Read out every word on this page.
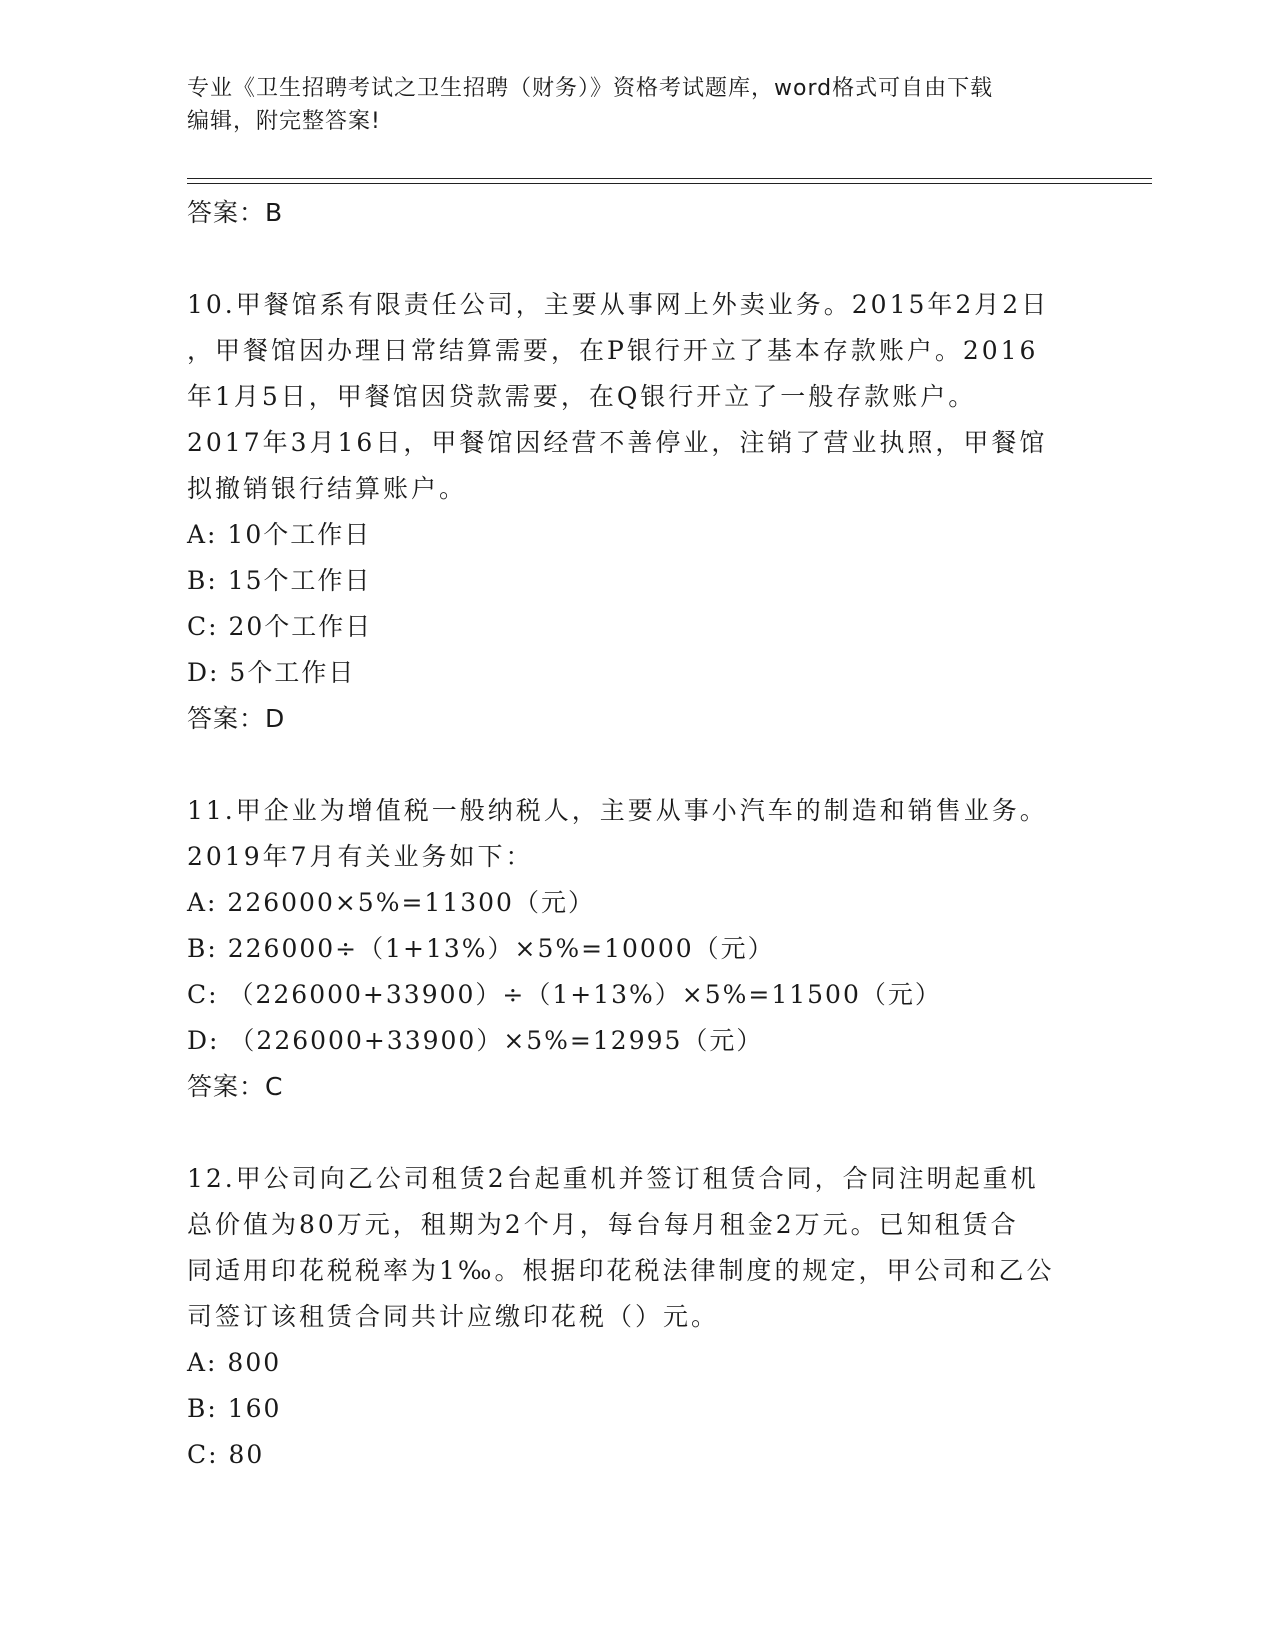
专业《卫生招聘考试之卫生招聘（财务）》资格考试题库，word格式可自由下载
编辑，附完整答案!
答案：B
10.甲餐馆系有限责任公司，主要从事网上外卖业务。2015年2月2日
，甲餐馆因办理日常结算需要，在P银行开立了基本存款账户。2016
年1月5日，甲餐馆因贷款需要，在Q银行开立了一般存款账户。
2017年3月16日，甲餐馆因经营不善停业，注销了营业执照，甲餐馆
拟撤销银行结算账户。
A: 10个工作日
B: 15个工作日
C: 20个工作日
D: 5个工作日
答案：D
11.甲企业为增值税一般纳税人，主要从事小汽车的制造和销售业务。
2019年7月有关业务如下：
A: 226000×5%=11300（元）
B: 226000÷（1+13%）×5%=10000（元）
C: （226000+33900）÷（1+13%）×5%=11500（元）
D: （226000+33900）×5%=12995（元）
答案：C
12.甲公司向乙公司租赁2台起重机并签订租赁合同，合同注明起重机
总价值为80万元，租期为2个月，每台每月租金2万元。已知租赁合
同适用印花税税率为1‰。根据印花税法律制度的规定，甲公司和乙公
司签订该租赁合同共计应缴印花税（）元。
A: 800
B: 160
C: 80
